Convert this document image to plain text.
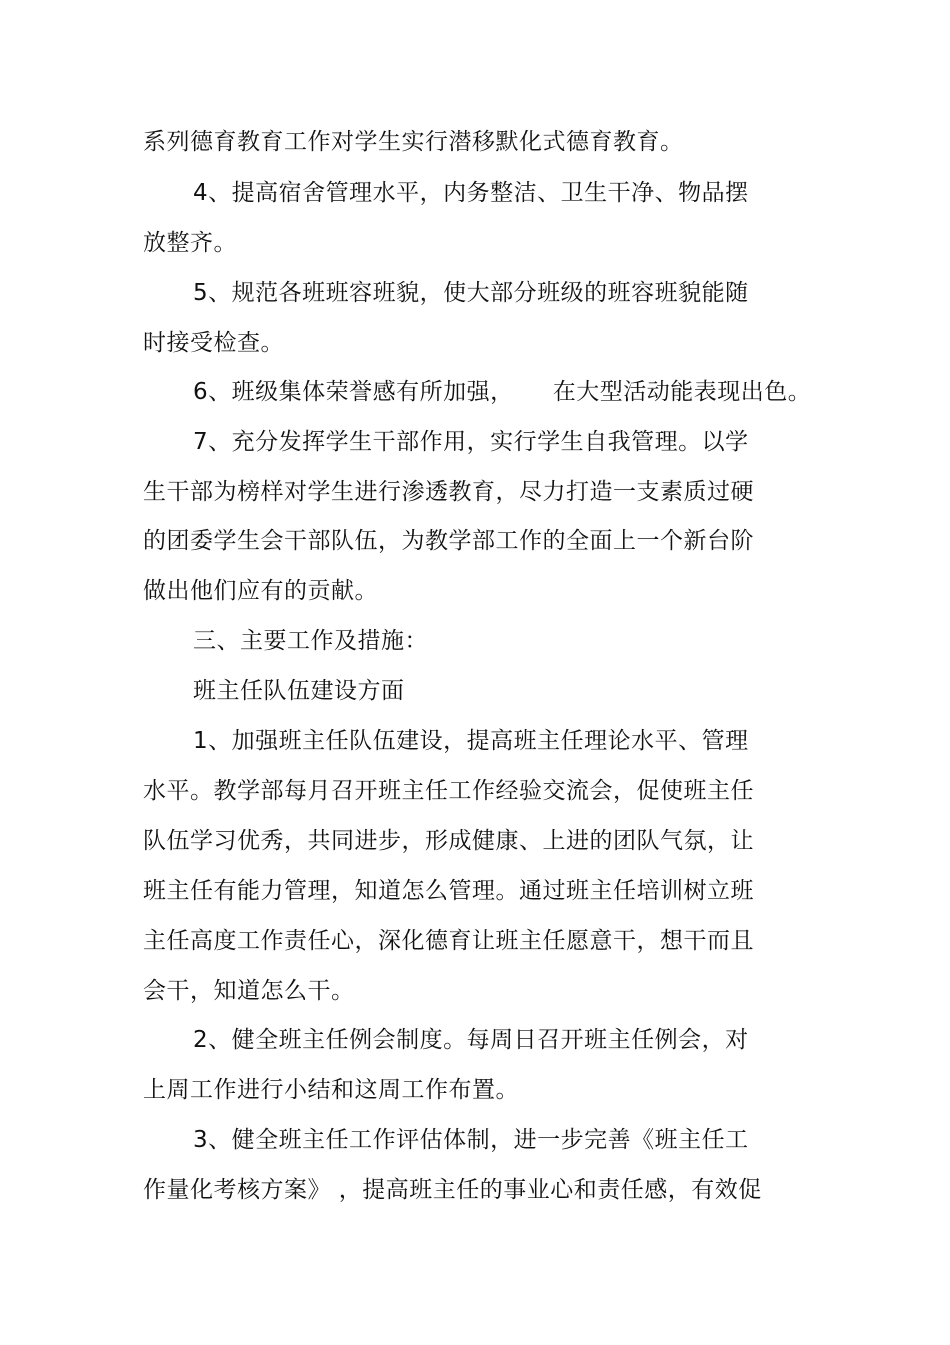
系列德育教育工作对学生实行潜移默化式德育教育。
4、提高宿舍管理水平，内务整洁、卫生干净、物品摆
放整齐。
5、规范各班班容班貌，使大部分班级的班容班貌能随
时接受检查。
6、班级集体荣誉感有所加强，     在大型活动能表现出色。
7、充分发挥学生干部作用，实行学生自我管理。以学
生干部为榜样对学生进行渗透教育，尽力打造一支素质过硬
的团委学生会干部队伍，为教学部工作的全面上一个新台阶
做出他们应有的贡献。
三、主要工作及措施：
班主任队伍建设方面
1、加强班主任队伍建设，提高班主任理论水平、管理
水平。教学部每月召开班主任工作经验交流会，促使班主任
队伍学习优秀，共同进步，形成健康、上进的团队气氛，让
班主任有能力管理，知道怎么管理。通过班主任培训树立班
主任高度工作责任心，深化德育让班主任愿意干，想干而且
会干，知道怎么干。
2、健全班主任例会制度。每周日召开班主任例会，对
上周工作进行小结和这周工作布置。
3、健全班主任工作评估体制，进一步完善《班主任工
作量化考核方案》 ，提高班主任的事业心和责任感，有效促
